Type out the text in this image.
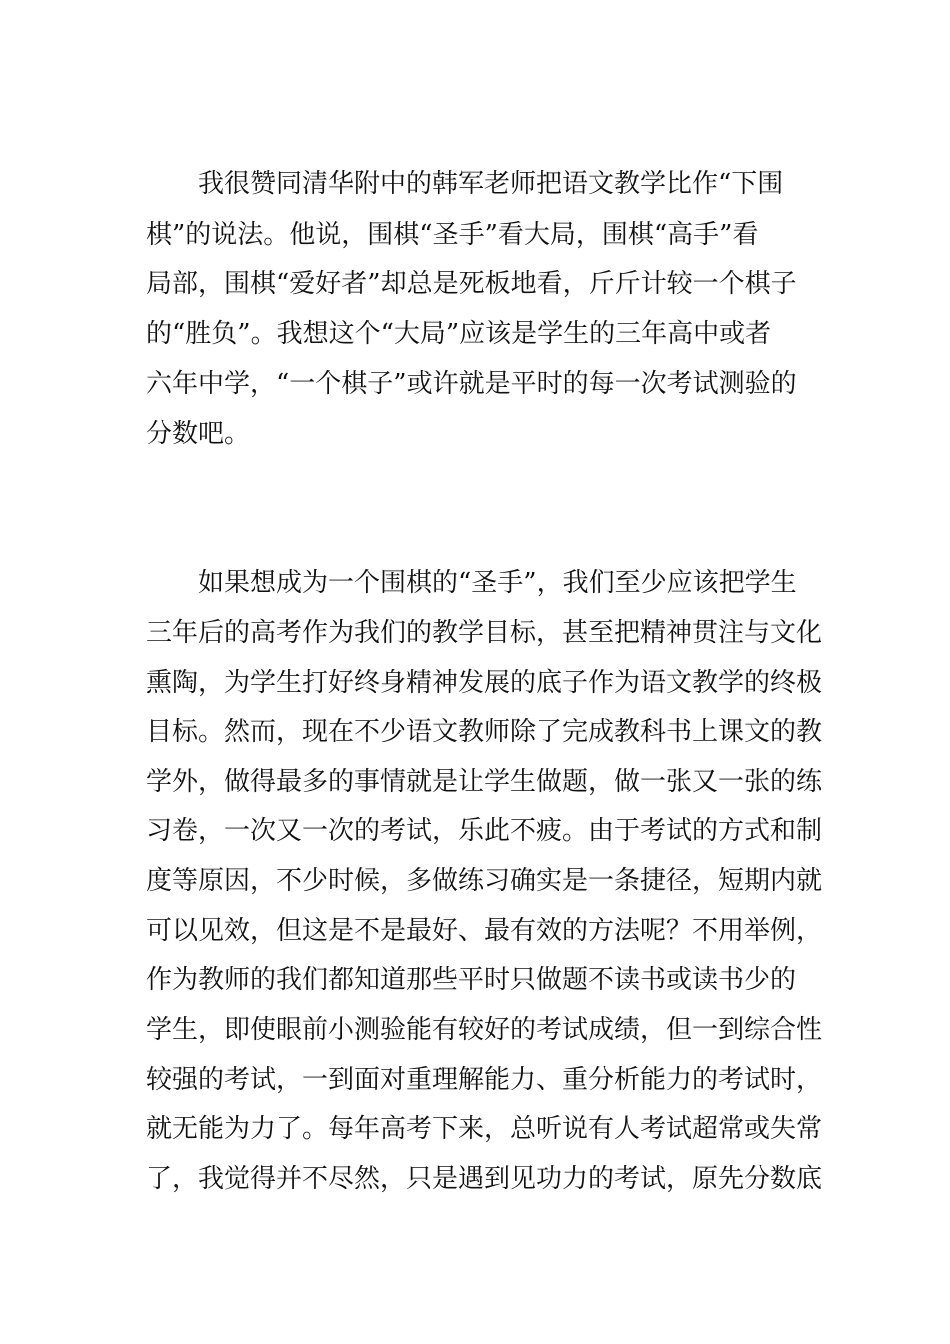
我很赞同清华附中的韩军老师把语文教学比作“下围

棋”的说法。他说，围棋“圣手”看大局，围棋“高手”看

局部，围棋“爱好者”却总是死板地看，斤斤计较一个棋子

的“胜负”。我想这个“大局”应该是学生的三年高中或者

六年中学，“一个棋子”或许就是平时的每一次考试测验的

分数吧。

如果想成为一个围棋的“圣手”，我们至少应该把学生

三年后的高考作为我们的教学目标，甚至把精神贯注与文化

熏陶，为学生打好终身精神发展的底子作为语文教学的终极

目标。然而，现在不少语文教师除了完成教科书上课文的教

学外，做得最多的事情就是让学生做题，做一张又一张的练

习卷，一次又一次的考试，乐此不疲。由于考试的方式和制

度等原因，不少时候，多做练习确实是一条捷径，短期内就

可以见效，但这是不是最好、最有效的方法呢？不用举例，

作为教师的我们都知道那些平时只做题不读书或读书少的

学生，即使眼前小测验能有较好的考试成绩，但一到综合性

较强的考试，一到面对重理解能力、重分析能力的考试时，

就无能为力了。每年高考下来，总听说有人考试超常或失常

了，我觉得并不尽然，只是遇到见功力的考试，原先分数底
